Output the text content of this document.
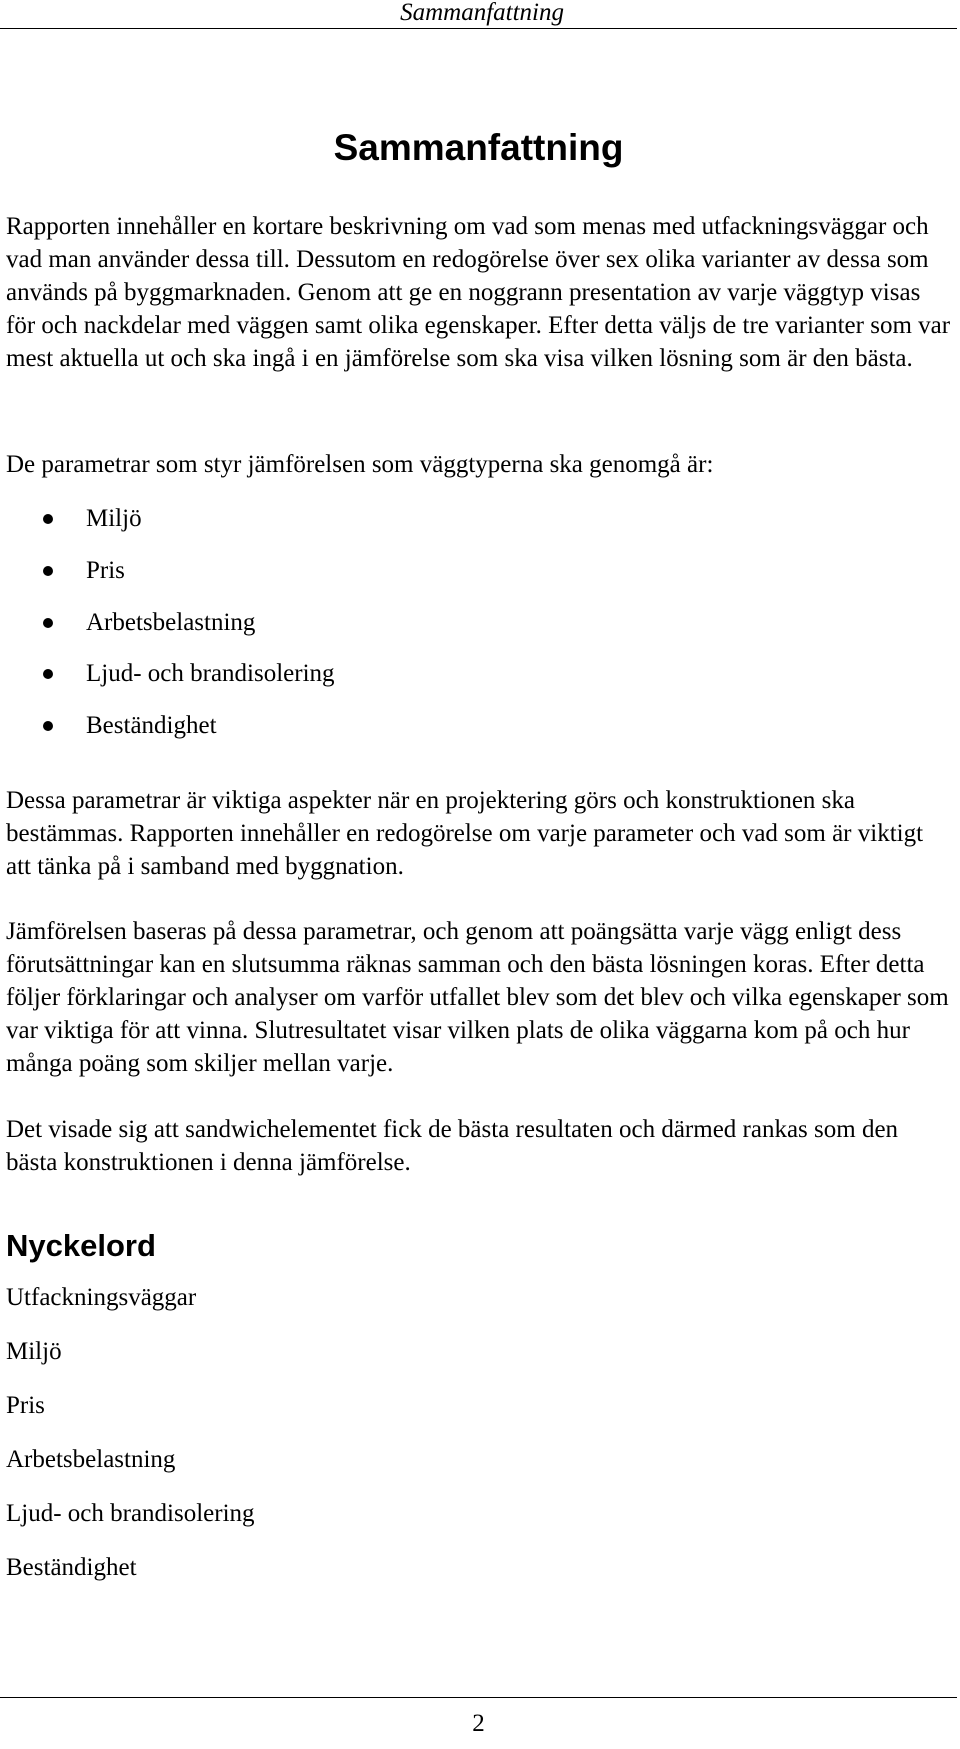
Sammanfattning
Sammanfattning

Rapporten innehåller en kortare beskrivning om vad som menas med utfackningsväggar och vad man använder dessa till. Dessutom en redogörelse över sex olika varianter av dessa som används på byggmarknaden. Genom att ge en noggrann presentation av varje väggtyp visas för och nackdelar med väggen samt olika egenskaper. Efter detta väljs de tre varianter som var mest aktuella ut och ska ingå i en jämförelse som ska visa vilken lösning som är den bästa.

De parametrar som styr jämförelsen som väggtyperna ska genomgå är:

Miljö
Pris
Arbetsbelastning
Ljud- och brandisolering
Beständighet

Dessa parametrar är viktiga aspekter när en projektering görs och konstruktionen ska bestämmas. Rapporten innehåller en redogörelse om varje parameter och vad som är viktigt att tänka på i samband med byggnation.

Jämförelsen baseras på dessa parametrar, och genom att poängsätta varje vägg enligt dess förutsättningar kan en slutsumma räknas samman och den bästa lösningen koras. Efter detta följer förklaringar och analyser om varför utfallet blev som det blev och vilka egenskaper som var viktiga för att vinna. Slutresultatet visar vilken plats de olika väggarna kom på och hur många poäng som skiljer mellan varje.

Det visade sig att sandwichelementet fick de bästa resultaten och därmed rankas som den bästa konstruktionen i denna jämförelse.

Nyckelord
Utfackningsväggar
Miljö
Pris
Arbetsbelastning
Ljud- och brandisolering
Beständighet
2
